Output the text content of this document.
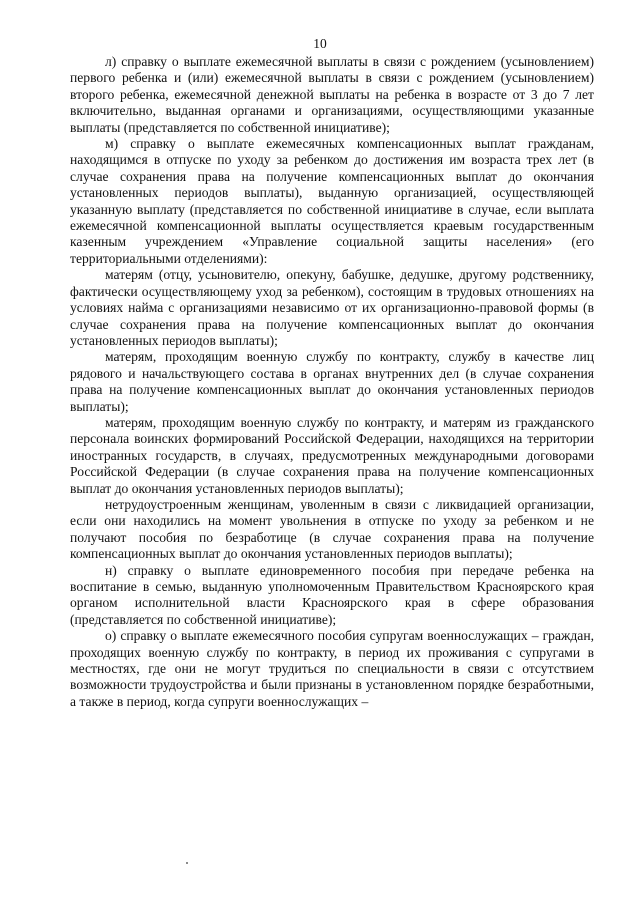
10

л) справку о выплате ежемесячной выплаты в связи с рождением (усыновлением) первого ребенка и (или) ежемесячной выплаты в связи с рождением (усыновлением) второго ребенка, ежемесячной денежной выплаты на ребенка в возрасте от 3 до 7 лет включительно, выданная органами и организациями, осуществляющими указанные выплаты (представляется по собственной инициативе);

м) справку о выплате ежемесячных компенсационных выплат гражданам, находящимся в отпуске по уходу за ребенком до достижения им возраста трех лет (в случае сохранения права на получение компенсационных выплат до окончания установленных периодов выплаты), выданную организацией, осуществляющей указанную выплату (представляется по собственной инициативе в случае, если выплата ежемесячной компенсационной выплаты осуществляется краевым государственным казенным учреждением «Управление социальной защиты населения» (его территориальными отделениями):

матерям (отцу, усыновителю, опекуну, бабушке, дедушке, другому родственнику, фактически осуществляющему уход за ребенком), состоящим в трудовых отношениях на условиях найма с организациями независимо от их организационно-правовой формы (в случае сохранения права на получение компенсационных выплат до окончания установленных периодов выплаты);

матерям, проходящим военную службу по контракту, службу в качестве лиц рядового и начальствующего состава в органах внутренних дел (в случае сохранения права на получение компенсационных выплат до окончания установленных периодов выплаты);

матерям, проходящим военную службу по контракту, и матерям из гражданского персонала воинских формирований Российской Федерации, находящихся на территории иностранных государств, в случаях, предусмотренных международными договорами Российской Федерации (в случае сохранения права на получение компенсационных выплат до окончания установленных периодов выплаты);

нетрудоустроенным женщинам, уволенным в связи с ликвидацией организации, если они находились на момент увольнения в отпуске по уходу за ребенком и не получают пособия по безработице (в случае сохранения права на получение компенсационных выплат до окончания установленных периодов выплаты);

н) справку о выплате единовременного пособия при передаче ребенка на воспитание в семью, выданную уполномоченным Правительством Красноярского края органом исполнительной власти Красноярского края в сфере образования (представляется по собственной инициативе);

о) справку о выплате ежемесячного пособия супругам военнослужащих – граждан, проходящих военную службу по контракту, в период их проживания с супругами в местностях, где они не могут трудиться по специальности в связи с отсутствием возможности трудоустройства и были признаны в установленном порядке безработными, а также в период, когда супруги военнослужащих –
